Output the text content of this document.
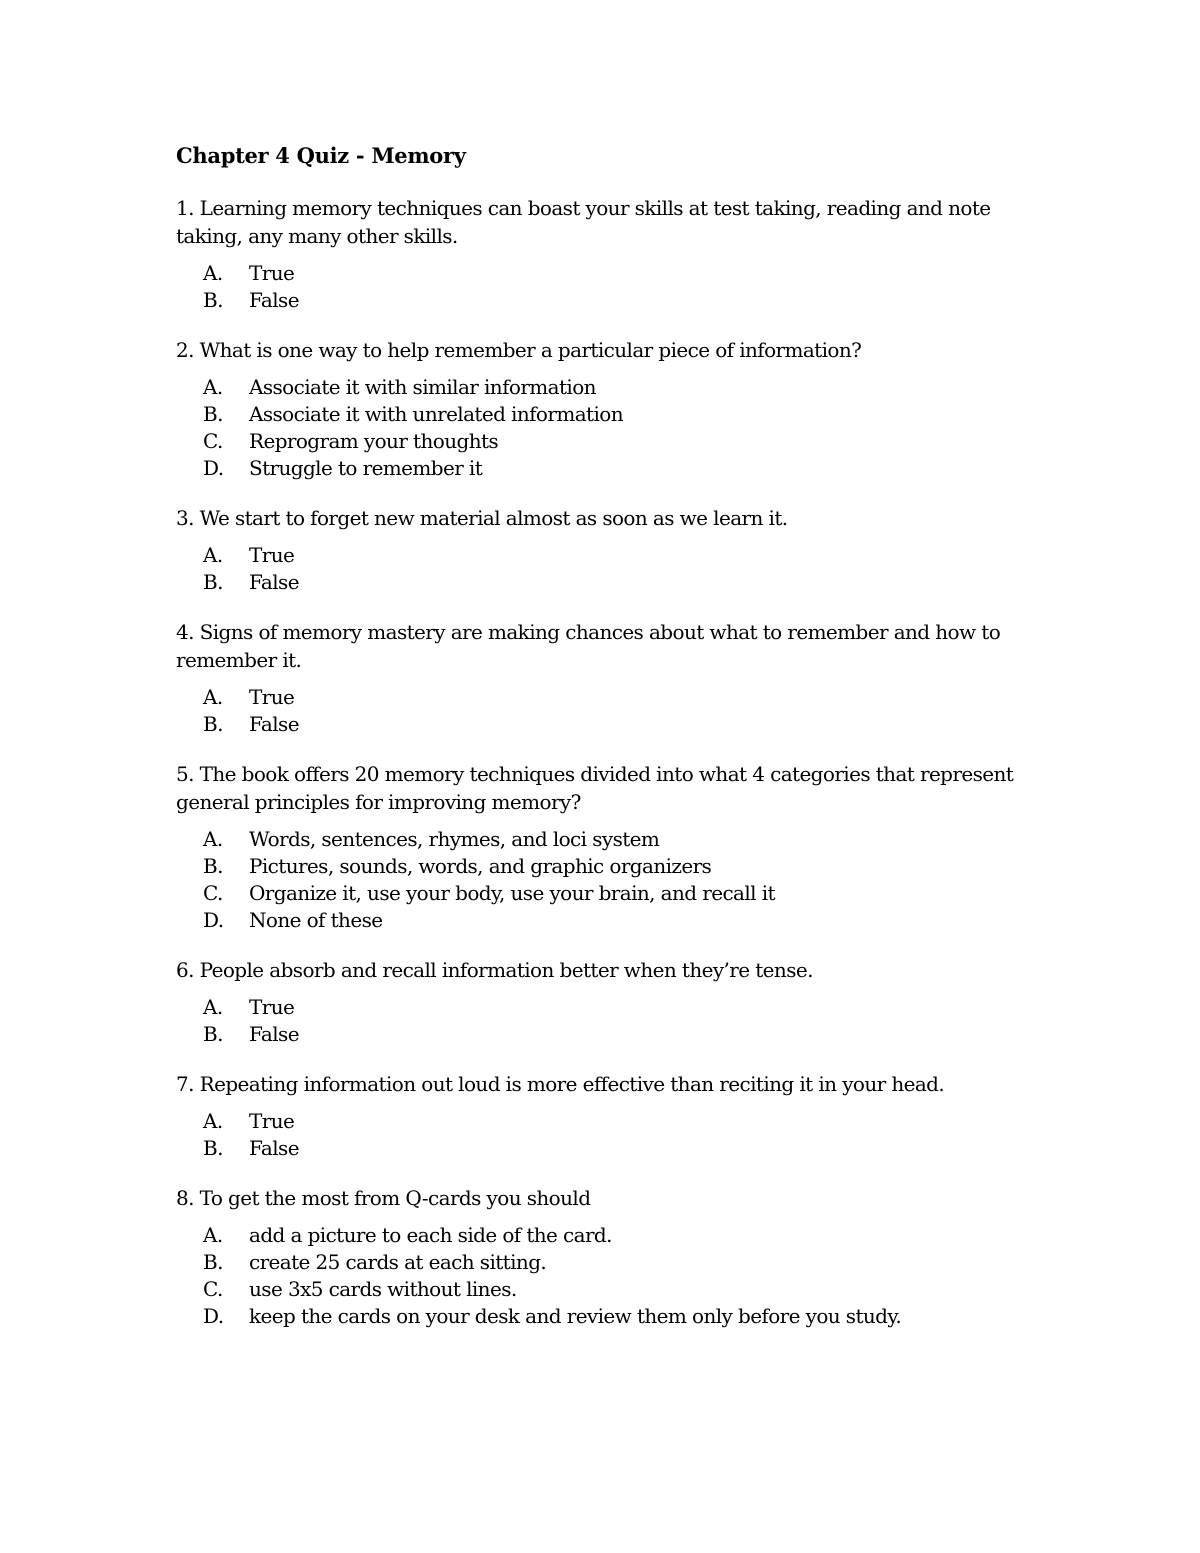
Chapter 4 Quiz - Memory

1. Learning memory techniques can boast your skills at test taking, reading and note taking, any many other skills.

A.	True
B.	False

2. What is one way to help remember a particular piece of information?

A.	Associate it with similar information
B.	Associate it with unrelated information
C.	Reprogram your thoughts
D.	Struggle to remember it

3. We start to forget new material almost as soon as we learn it.

A.	True
B.	False

4. Signs of memory mastery are making chances about what to remember and how to remember it.

A.	True
B.	False

5. The book offers 20 memory techniques divided into what 4 categories that represent general principles for improving memory?

A.	Words, sentences, rhymes, and loci system
B.	Pictures, sounds, words, and graphic organizers
C.	Organize it, use your body, use your brain, and recall it
D.	None of these

6. People absorb and recall information better when they’re tense.

A.	True
B.	False

7. Repeating information out loud is more effective than reciting it in your head.

A.	True
B.	False

8. To get the most from Q-cards you should

A.	add a picture to each side of the card.
B.	create 25 cards at each sitting.
C.	use 3x5 cards without lines.
D.	keep the cards on your desk and review them only before you study.
